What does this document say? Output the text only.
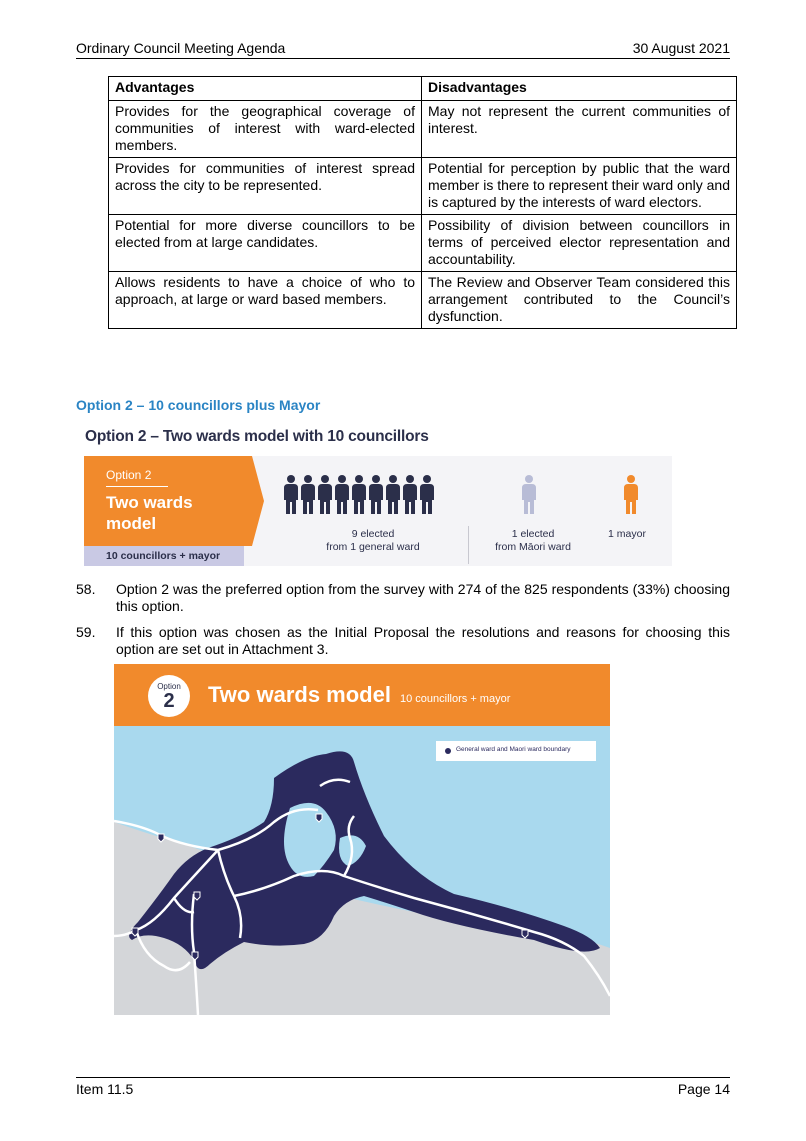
Ordinary Council Meeting Agenda	30 August 2021
Advantages	Disadvantages
Provides for the geographical coverage of communities of interest with ward-elected members.	May not represent the current communities of interest.
Provides for communities of interest spread across the city to be represented.	Potential for perception by public that the ward member is there to represent their ward only and is captured by the interests of ward electors.
Potential for more diverse councillors to be elected from at large candidates.	Possibility of division between councillors in terms of perceived elector representation and accountability.
Allows residents to have a choice of who to approach, at large or ward based members.	The Review and Observer Team considered this arrangement contributed to the Council’s dysfunction.
Option 2 – 10 councillors plus Mayor
Option 2 – Two wards model with 10 councillors
Option 2
Two wards
model
10 councillors + mayor
9 elected
from 1 general ward
1 elected
from Māori ward
1 mayor
58. Option 2 was the preferred option from the survey with 274 of the 825 respondents (33%) choosing this option.
59. If this option was chosen as the Initial Proposal the resolutions and reasons for choosing this option are set out in Attachment 3.
Option
2	Two wards model 10 councillors + mayor
General ward and Maori ward boundary
Item 11.5	Page 14
